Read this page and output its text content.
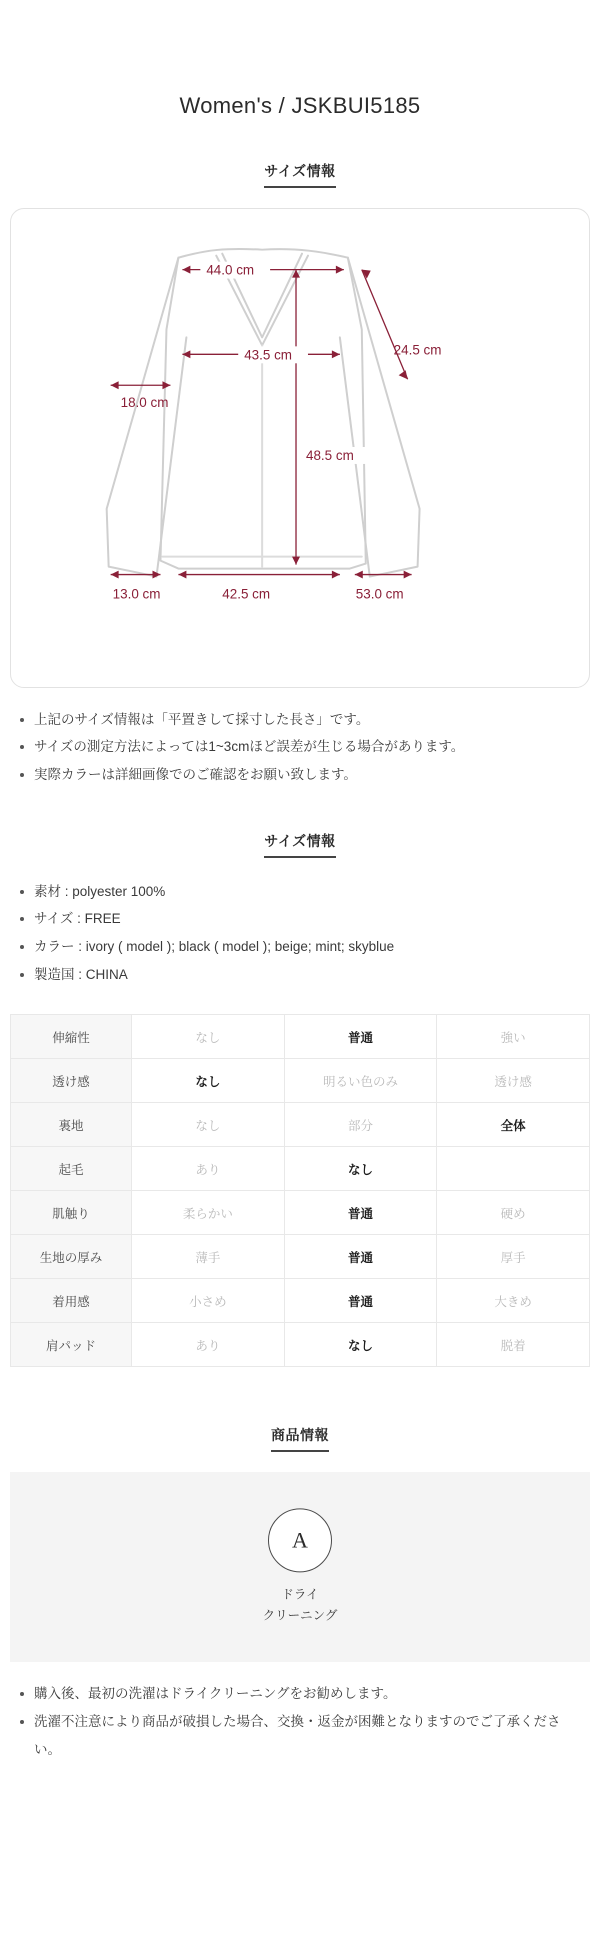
Women's / JSKBUI5185
サイズ情報
44.0 cm
24.5 cm
43.5 cm
18.0 cm
48.5 cm
13.0 cm	42.5 cm	53.0 cm
上記のサイズ情報は「平置きして採寸した長さ」です。
サイズの測定方法によっては1~3cmほど誤差が生じる場合があります。
実際カラーは詳細画像でのご確認をお願い致します。
サイズ情報
素材 : polyester 100%
サイズ : FREE
カラー : ivory ( model ); black ( model ); beige; mint; skyblue
製造国 : CHINA
伸縮性	なし	普通	強い
透け感	なし	明るい色のみ	透け感
裏地	なし	部分	全体
起毛	あり	なし	
肌触り	柔らかい	普通	硬め
生地の厚み	薄手	普通	厚手
着用感	小さめ	普通	大きめ
肩パッド	あり	なし	脱着
商品情報
A
ドライ
クリーニング
購入後、最初の洗濯はドライクリーニングをお勧めします。
洗濯不注意により商品が破損した場合、交換・返金が困難となりますのでご了承ください。
